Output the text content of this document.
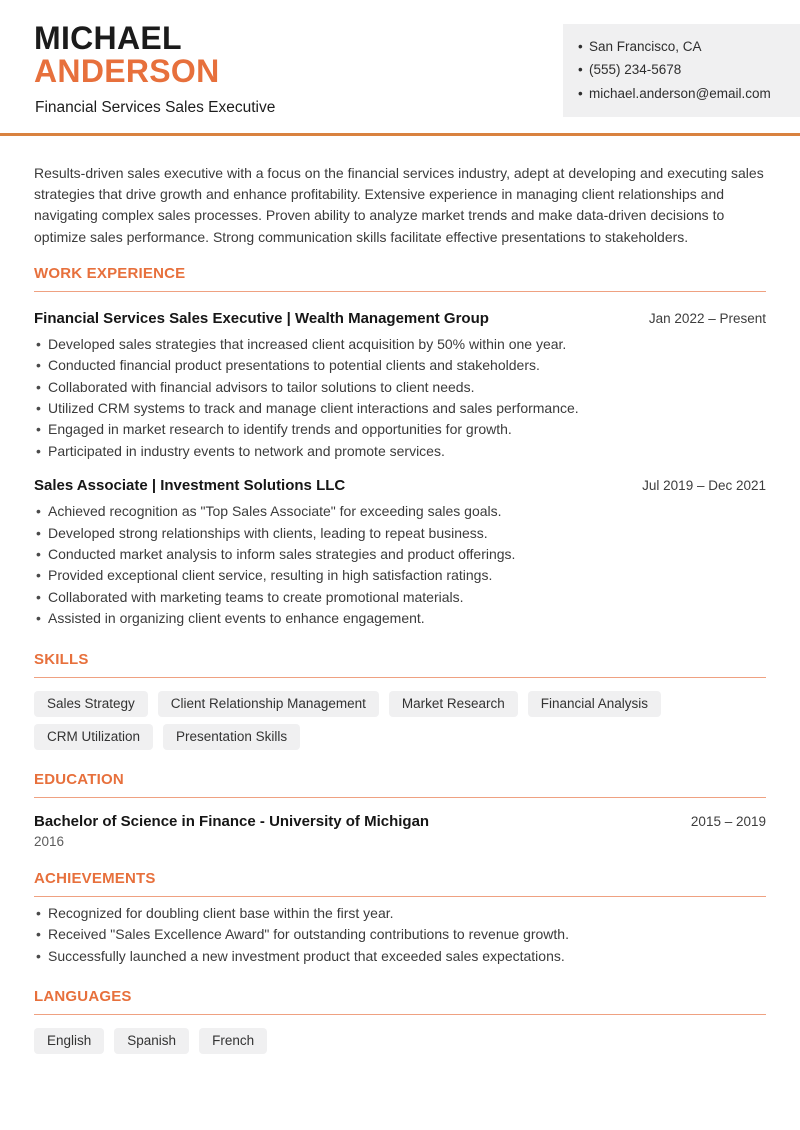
MICHAEL
ANDERSON
Financial Services Sales Executive
• San Francisco, CA
• (555) 234-5678
• michael.anderson@email.com

Results-driven sales executive with a focus on the financial services industry, adept at developing and executing sales strategies that drive growth and enhance profitability. Extensive experience in managing client relationships and navigating complex sales processes. Proven ability to analyze market trends and make data-driven decisions to optimize sales performance. Strong communication skills facilitate effective presentations to stakeholders.

WORK EXPERIENCE
Financial Services Sales Executive | Wealth Management Group	Jan 2022 – Present
• Developed sales strategies that increased client acquisition by 50% within one year.
• Conducted financial product presentations to potential clients and stakeholders.
• Collaborated with financial advisors to tailor solutions to client needs.
• Utilized CRM systems to track and manage client interactions and sales performance.
• Engaged in market research to identify trends and opportunities for growth.
• Participated in industry events to network and promote services.
Sales Associate | Investment Solutions LLC	Jul 2019 – Dec 2021
• Achieved recognition as "Top Sales Associate" for exceeding sales goals.
• Developed strong relationships with clients, leading to repeat business.
• Conducted market analysis to inform sales strategies and product offerings.
• Provided exceptional client service, resulting in high satisfaction ratings.
• Collaborated with marketing teams to create promotional materials.
• Assisted in organizing client events to enhance engagement.
SKILLS
Sales Strategy	Client Relationship Management	Market Research	Financial Analysis
CRM Utilization	Presentation Skills
EDUCATION
Bachelor of Science in Finance - University of Michigan	2015 – 2019
2016
ACHIEVEMENTS
• Recognized for doubling client base within the first year.
• Received "Sales Excellence Award" for outstanding contributions to revenue growth.
• Successfully launched a new investment product that exceeded sales expectations.
LANGUAGES
English	Spanish	French
